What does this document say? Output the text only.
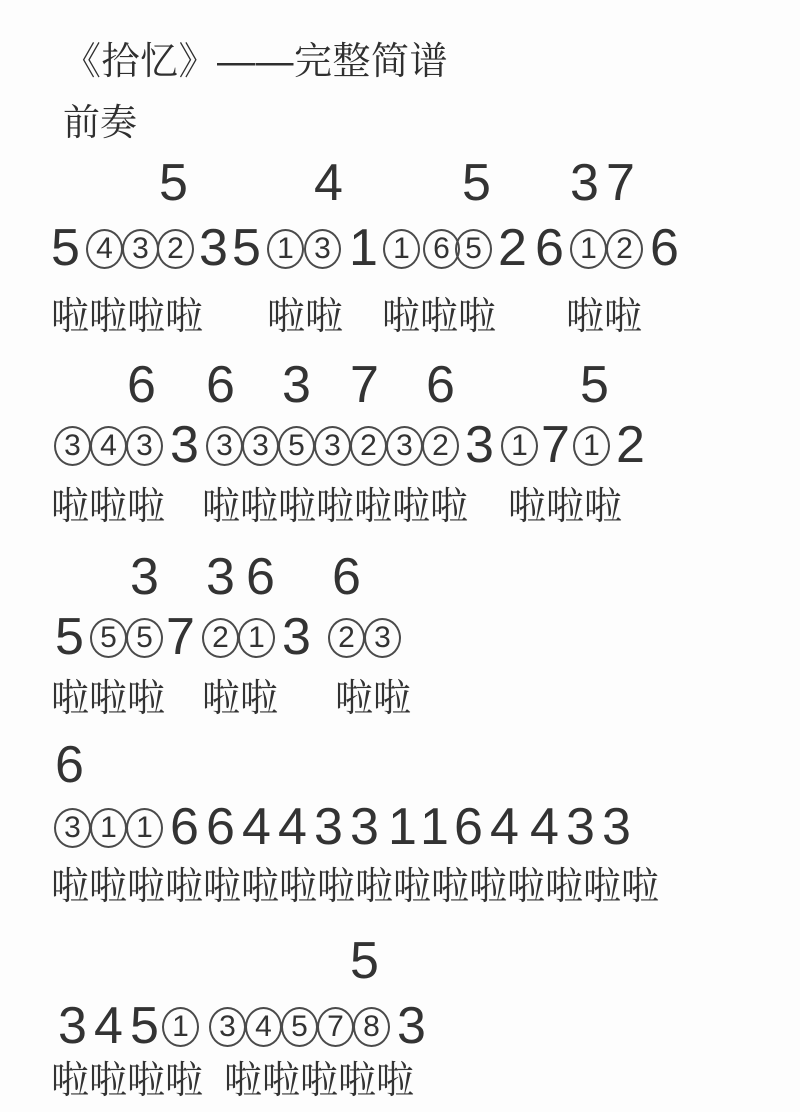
《拾忆》——完整简谱
前奏
5 4 5 3 7
5 4 3 2 3 5 1 3 1 1 6 5 2 6 1 2 6
啦啦啦啦 啦啦 啦啦啦 啦啦
6 6 3 7 6 5
3 4 3 3 3 3 5 3 2 3 2 3 1 7 1 2
啦啦啦 啦啦啦啦啦啦啦 啦啦啦
3 3 6 6
5 5 5 7 2 1 3 2 3
啦啦啦 啦啦 啦啦
6
3 1 1 6 6 4 4 3 3 1 1 6 4 4 3 3
啦啦啦啦啦啦啦啦啦啦啦啦啦啦啦啦
5
3 4 5 1	3 4 5 7 8 3
啦啦啦啦 啦啦啦啦啦
